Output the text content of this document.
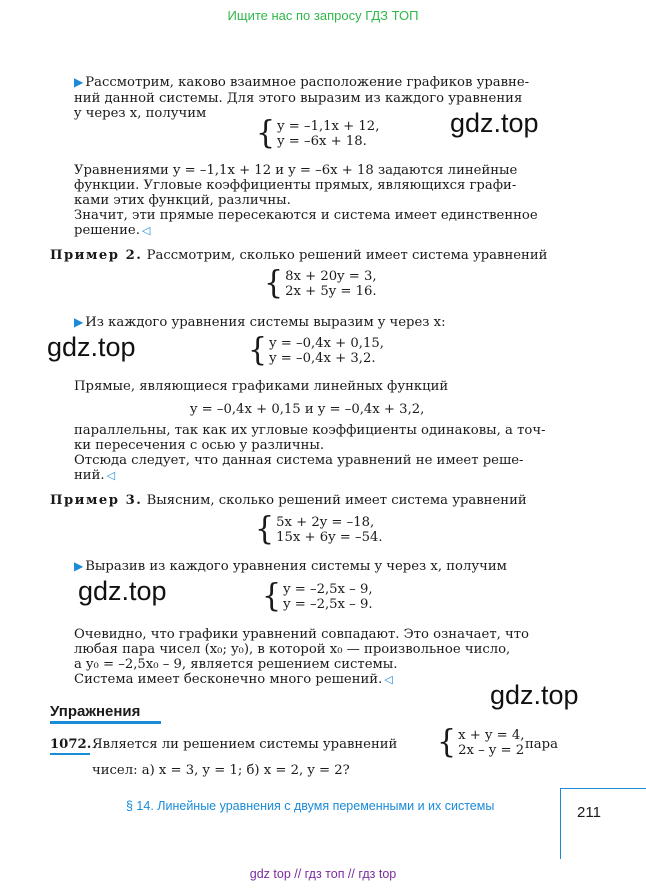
Ищите нас по запросу ГДЗ ТОП
▶ Рассмотрим, каково взаимное расположение графиков уравне-
ний данной системы. Для этого выразим из каждого уравнения
y через x, получим
{ y = –1,1x + 12,
y = –6x + 18.
gdz.top
Уравнениями y = –1,1x + 12 и y = –6x + 18 задаются линейные
функции. Угловые коэффициенты прямых, являющихся графи-
ками этих функций, различны.
Значит, эти прямые пересекаются и система имеет единственное
решение. ◁
Пример 2. Рассмотрим, сколько решений имеет система уравнений
{ 8x + 20y = 3,
2x + 5y = 16.
▶ Из каждого уравнения системы выразим y через x:
gdz.top	{ y = –0,4x + 0,15,
y = –0,4x + 3,2.
Прямые, являющиеся графиками линейных функций
y = –0,4x + 0,15 и y = –0,4x + 3,2,
параллельны, так как их угловые коэффициенты одинаковы, а точ-
ки пересечения с осью y различны.
Отсюда следует, что данная система уравнений не имеет реше-
ний. ◁
Пример 3. Выясним, сколько решений имеет система уравнений
{ 5x + 2y = –18,
15x + 6y = –54.
▶ Выразив из каждого уравнения системы y через x, получим
gdz.top	{ y = –2,5x – 9,
y = –2,5x – 9.
Очевидно, что графики уравнений совпадают. Это означает, что
любая пара чисел (x₀; y₀), в которой x₀ — произвольное число,
а y₀ = –2,5x₀ – 9, является решением системы.
Система имеет бесконечно много решений. ◁
gdz.top
Упражнения
1072. Является ли решением системы уравнений { x + y = 4,
2x – y = 2 пара
чисел: а) x = 3, y = 1; б) x = 2, y = 2?
§ 14. Линейные уравнения с двумя переменными и их системы	211
gdz top // гдз топ // гдз top
